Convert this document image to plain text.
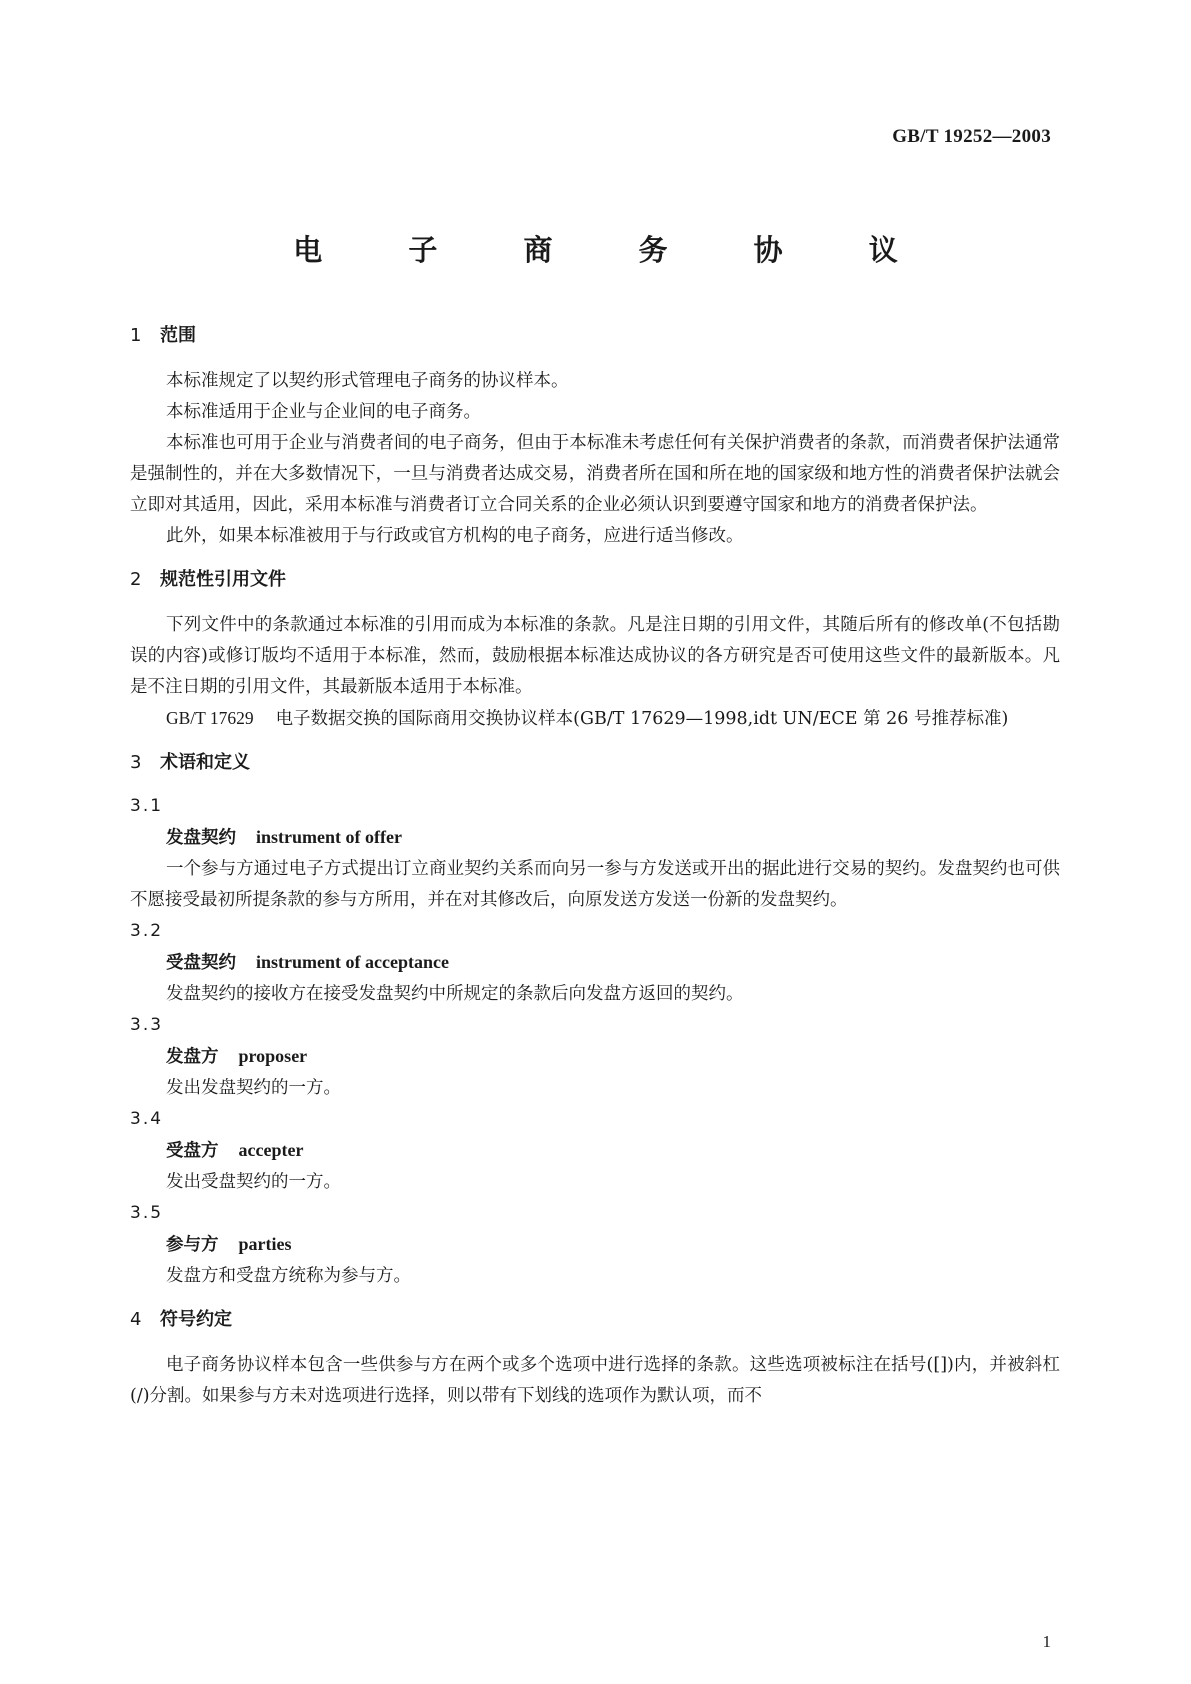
GB/T 19252—2003
电 子 商 务 协 议
1	范围

本标准规定了以契约形式管理电子商务的协议样本。

本标准适用于企业与企业间的电子商务。

本标准也可用于企业与消费者间的电子商务，但由于本标准未考虑任何有关保护消费者的条款，而消费者保护法通常是强制性的，并在大多数情况下，一旦与消费者达成交易，消费者所在国和所在地的国家级和地方性的消费者保护法就会立即对其适用，因此，采用本标准与消费者订立合同关系的企业必须认识到要遵守国家和地方的消费者保护法。

此外，如果本标准被用于与行政或官方机构的电子商务，应进行适当修改。

2	规范性引用文件

下列文件中的条款通过本标准的引用而成为本标准的条款。凡是注日期的引用文件，其随后所有的修改单(不包括勘误的内容)或修订版均不适用于本标准，然而，鼓励根据本标准达成协议的各方研究是否可使用这些文件的最新版本。凡是不注日期的引用文件，其最新版本适用于本标准。

GB/T 17629 电子数据交换的国际商用交换协议样本(GB/T 17629—1998,idt UN/ECE 第 26 号推荐标准)

3	术语和定义
3.1
发盘契约 instrument of offer

一个参与方通过电子方式提出订立商业契约关系而向另一参与方发送或开出的据此进行交易的契约。发盘契约也可供不愿接受最初所提条款的参与方所用，并在对其修改后，向原发送方发送一份新的发盘契约。

3.2
受盘契约 instrument of acceptance

发盘契约的接收方在接受发盘契约中所规定的条款后向发盘方返回的契约。

3.3
发盘方 proposer

发出发盘契约的一方。

3.4
受盘方 accepter

发出受盘契约的一方。

3.5
参与方 parties

发盘方和受盘方统称为参与方。

4	符号约定

电子商务协议样本包含一些供参与方在两个或多个选项中进行选择的条款。这些选项被标注在括号([])内，并被斜杠(/)分割。如果参与方未对选项进行选择，则以带有下划线的选项作为默认项，而不

1
